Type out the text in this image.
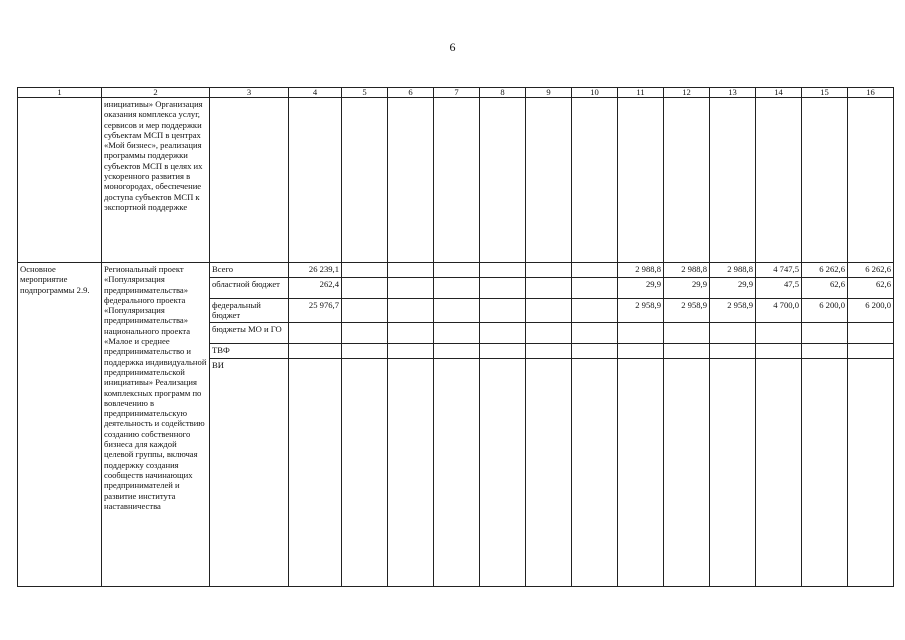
6
1	2	3	4	5	6	7	8	9	10	11	12	13	14	15	16
	инициативы» Организация оказания комплекса услуг, сервисов и мер поддержки субъектам МСП в центрах «Мой бизнес», реализация программы поддержки субъектов МСП в целях их ускоренного развития в моногородах, обеспечение доступа субъектов МСП к экспортной поддержке														
Основное мероприятие подпрограммы 2.9.	Региональный проект «Популяризация предпринимательства» федерального проекта «Популяризация предпринимательства» национального проекта «Малое и среднее предпринимательство и поддержка индивидуальной предпринимательской инициативы» Реализация комплексных программ по вовлечению в предпринимательскую деятельность и содействию созданию собственного бизнеса для каждой целевой группы, включая поддержку создания сообществ начинающих предпринимателей и развитие института наставничества	Всего	26 239,1							2 988,8	2 988,8	2 988,8	4 747,5	6 262,6	6 262,6
		областной бюджет	262,4							29,9	29,9	29,9	47,5	62,6	62,6
		федеральный бюджет	25 976,7							2 958,9	2 958,9	2 958,9	4 700,0	6 200,0	6 200,0
		бюджеты МО и ГО													
		ТВФ													
		ВИ													
